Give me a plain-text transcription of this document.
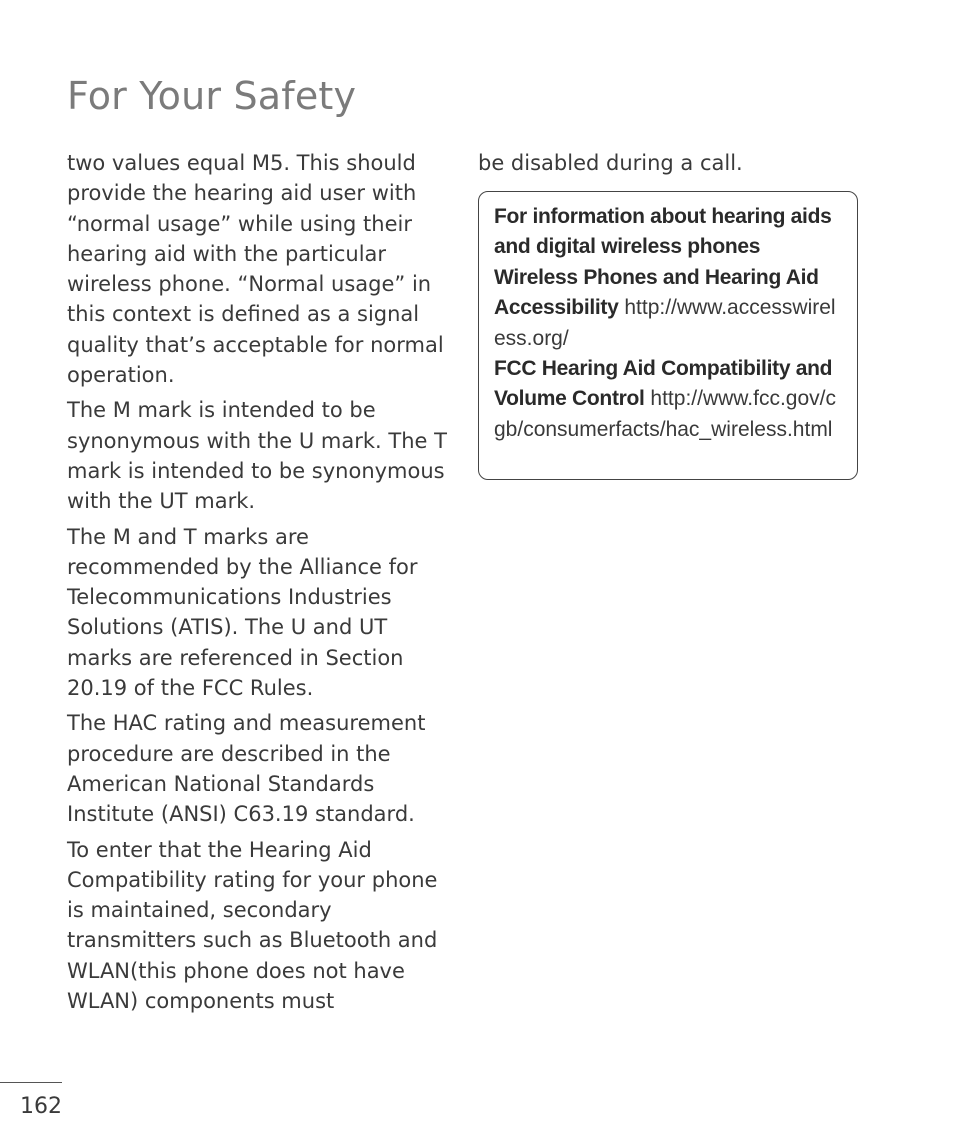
For Your Safety

two values equal M5. This should provide the hearing aid user with “normal usage” while using their hearing aid with the particular wireless phone. “Normal usage” in this context is defined as a signal quality that’s acceptable for normal operation.

The M mark is intended to be synonymous with the U mark. The T mark is intended to be synonymous with the UT mark.

The M and T marks are recommended by the Alliance for Telecommunications Industries Solutions (ATIS). The U and UT marks are referenced in Section 20.19 of the FCC Rules.

The HAC rating and measurement procedure are described in the American National Standards Institute (ANSI) C63.19 standard.

To enter that the Hearing Aid Compatibility rating for your phone is maintained, secondary transmitters such as Bluetooth and WLAN(this phone does not have WLAN) components must

be disabled during a call.

For information about hearing aids and digital wireless phones
Wireless Phones and Hearing Aid Accessibility http://www.accesswireless.org/
FCC Hearing Aid Compatibility and Volume Control http://www.fcc.gov/cgb/consumerfacts/hac_wireless.html
162
